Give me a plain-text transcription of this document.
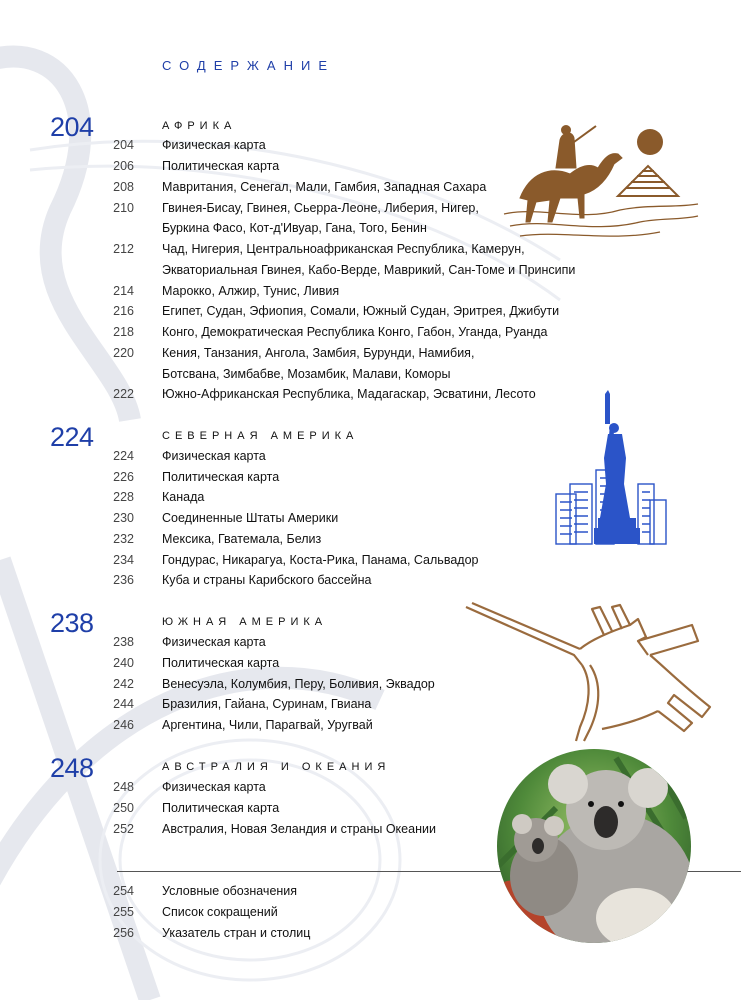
СОДЕРЖАНИЕ
204	АФРИКА
204 Физическая карта
206 Политическая карта
208 Мавритания, Сенегал, Мали, Гамбия, Западная Сахара
210 Гвинея-Бисау, Гвинея, Сьерра-Леоне, Либерия, Нигер,
Буркина Фасо, Кот-д'Ивуар, Гана, Того, Бенин
212 Чад, Нигерия, Центральноафриканская Республика, Камерун,
Экваториальная Гвинея, Кабо-Верде, Маврикий, Сан-Томе и Принсипи
214 Марокко, Алжир, Тунис, Ливия
216 Египет, Судан, Эфиопия, Сомали, Южный Судан, Эритрея, Джибути
218 Конго, Демократическая Республика Конго, Габон, Уганда, Руанда
220 Кения, Танзания, Ангола, Замбия, Бурунди, Намибия,
Ботсвана, Зимбабве, Мозамбик, Малави, Коморы
222 Южно-Африканская Республика, Мадагаскар, Эсватини, Лесото
224	СЕВЕРНАЯ АМЕРИКА
224 Физическая карта
226 Политическая карта
228 Канада
230 Соединенные Штаты Америки
232 Мексика, Гватемала, Белиз
234 Гондурас, Никарагуа, Коста-Рика, Панама, Сальвадор
236 Куба и страны Карибского бассейна
238	ЮЖНАЯ АМЕРИКА
238 Физическая карта
240 Политическая карта
242 Венесуэла, Колумбия, Перу, Боливия, Эквадор
244 Бразилия, Гайана, Суринам, Гвиана
246 Аргентина, Чили, Парагвай, Уругвай
248	АВСТРАЛИЯ И ОКЕАНИЯ
248 Физическая карта
250 Политическая карта
252 Австралия, Новая Зеландия и страны Океании
254 Условные обозначения
255 Список сокращений
256 Указатель стран и столиц
